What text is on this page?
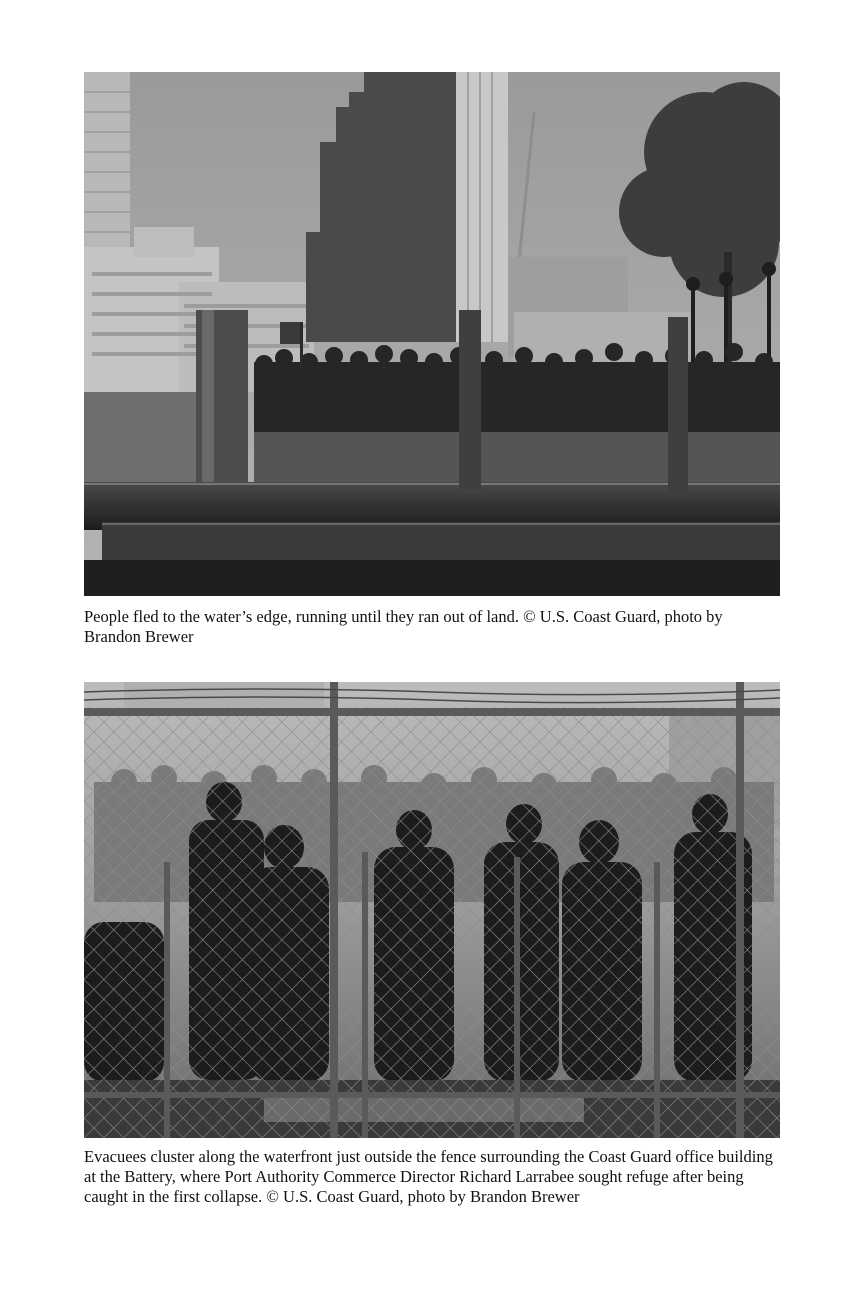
People fled to the water’s edge, running until they ran out of land. © U.S. Coast Guard, photo by Brandon Brewer

Evacuees cluster along the waterfront just outside the fence surrounding the Coast Guard office building at the Battery, where Port Authority Commerce Director Richard Larrabee sought refuge after being caught in the first collapse. © U.S. Coast Guard, photo by Brandon Brewer
